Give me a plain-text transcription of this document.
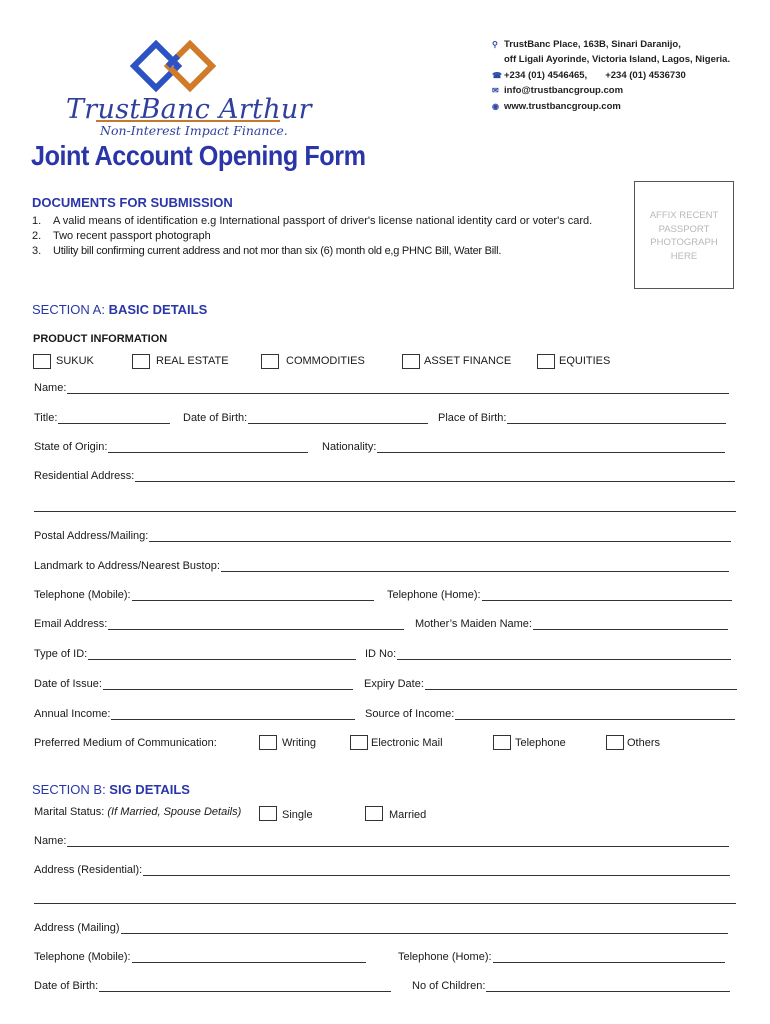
TrustBanc Arthur
Non-Interest Impact Finance.
⚲ TrustBanc Place, 163B, Sinari Daranijo,
off Ligali Ayorinde, Victoria Island, Lagos, Nigeria.
☎ +234 (01) 4546465, +234 (01) 4536730
✉ info@trustbancgroup.com
◉ www.trustbancgroup.com
Joint Account Opening Form
DOCUMENTS FOR SUBMISSION
1.	A valid means of identification e.g International passport of driver's license national identity card or voter's card.
2.	Two recent passport photograph
3.	Utility bill confirming current address and not mor than six (6) month old e,g PHNC Bill, Water Bill.
AFFIX RECENT PASSPORT PHOTOGRAPH HERE
SECTION A: BASIC DETAILS
PRODUCT INFORMATION
SUKUK	REAL ESTATE	COMMODITIES	ASSET FINANCE	EQUITIES
Name:
Title:	Date of Birth:	Place of Birth:
State of Origin:	Nationality:
Residential Address:
Postal Address/Mailing:
Landmark to Address/Nearest Bustop:
Telephone (Mobile):	Telephone (Home):
Email Address:	Mother’s Maiden Name:
Type of ID:	ID No:
Date of Issue:	Expiry Date:
Annual Income:	Source of Income:
Preferred Medium of Communication:	Writing	Electronic Mail	Telephone	Others
SECTION B: SIG DETAILS
Marital Status: (If Married, Spouse Details)	Single	Married
Name:
Address (Residential):
Address (Mailing)
Telephone (Mobile):	Telephone (Home):
Date of Birth:	No of Children:
